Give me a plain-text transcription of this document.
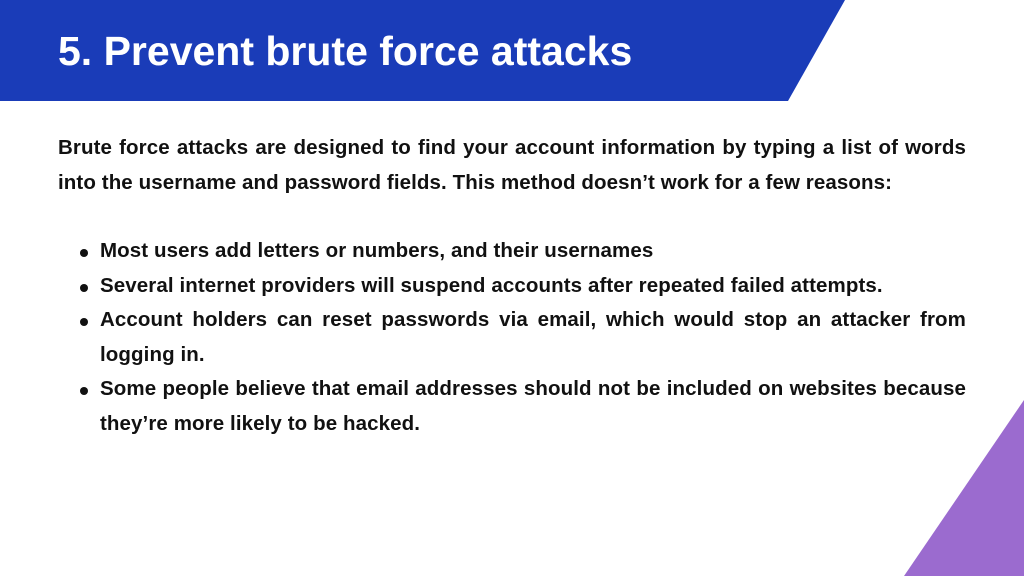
5. Prevent brute force attacks

Brute force attacks are designed to find your account information by typing a list of words into the username and password fields. This method doesn’t work for a few reasons:

Most users add letters or numbers, and their usernames
Several internet providers will suspend accounts after repeated failed attempts.
Account holders can reset passwords via email, which would stop an attacker from logging in.
Some people believe that email addresses should not be included on websites because they’re more likely to be hacked.
